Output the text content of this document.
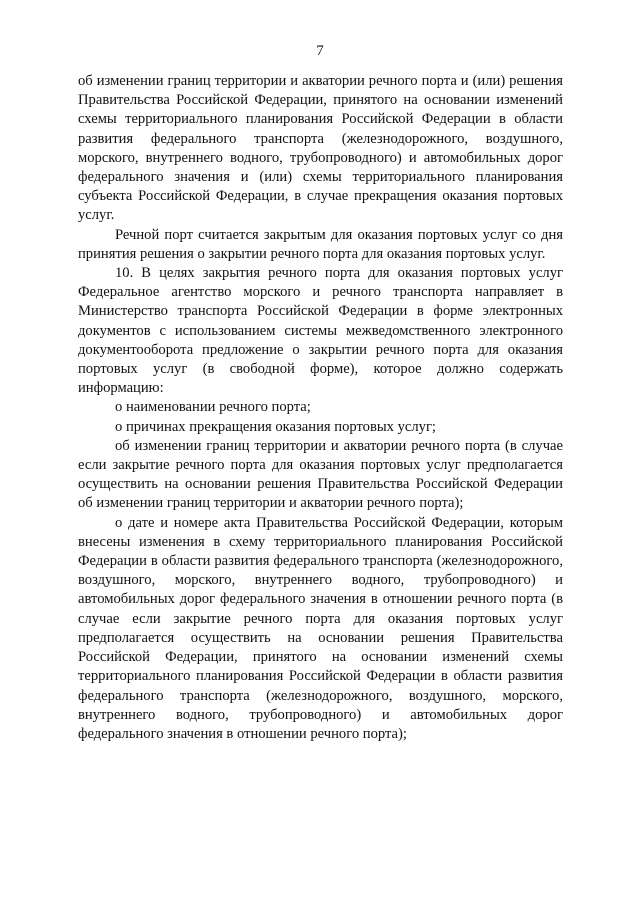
7

об изменении границ территории и акватории речного порта и (или) решения Правительства Российской Федерации, принятого на основании изменений схемы территориального планирования Российской Федерации в области развития федерального транспорта (железнодорожного, воздушного, морского, внутреннего водного, трубопроводного) и автомобильных дорог федерального значения и (или) схемы территориального планирования субъекта Российской Федерации, в случае прекращения оказания портовых услуг.

Речной порт считается закрытым для оказания портовых услуг со дня принятия решения о закрытии речного порта для оказания портовых услуг.

10. В целях закрытия речного порта для оказания портовых услуг Федеральное агентство морского и речного транспорта направляет в Министерство транспорта Российской Федерации в форме электронных документов с использованием системы межведомственного электронного документооборота предложение о закрытии речного порта для оказания портовых услуг (в свободной форме), которое должно содержать информацию:

о наименовании речного порта;

о причинах прекращения оказания портовых услуг;

об изменении границ территории и акватории речного порта (в случае если закрытие речного порта для оказания портовых услуг предполагается осуществить на основании решения Правительства Российской Федерации об изменении границ территории и акватории речного порта);

о дате и номере акта Правительства Российской Федерации, которым внесены изменения в схему территориального планирования Российской Федерации в области развития федерального транспорта (железнодорожного, воздушного, морского, внутреннего водного, трубопроводного) и автомобильных дорог федерального значения в отношении речного порта (в случае если закрытие речного порта для оказания портовых услуг предполагается осуществить на основании решения Правительства Российской Федерации, принятого на основании изменений схемы территориального планирования Российской Федерации в области развития федерального транспорта (железнодорожного, воздушного, морского, внутреннего водного, трубопроводного) и автомобильных дорог федерального значения в отношении речного порта);
